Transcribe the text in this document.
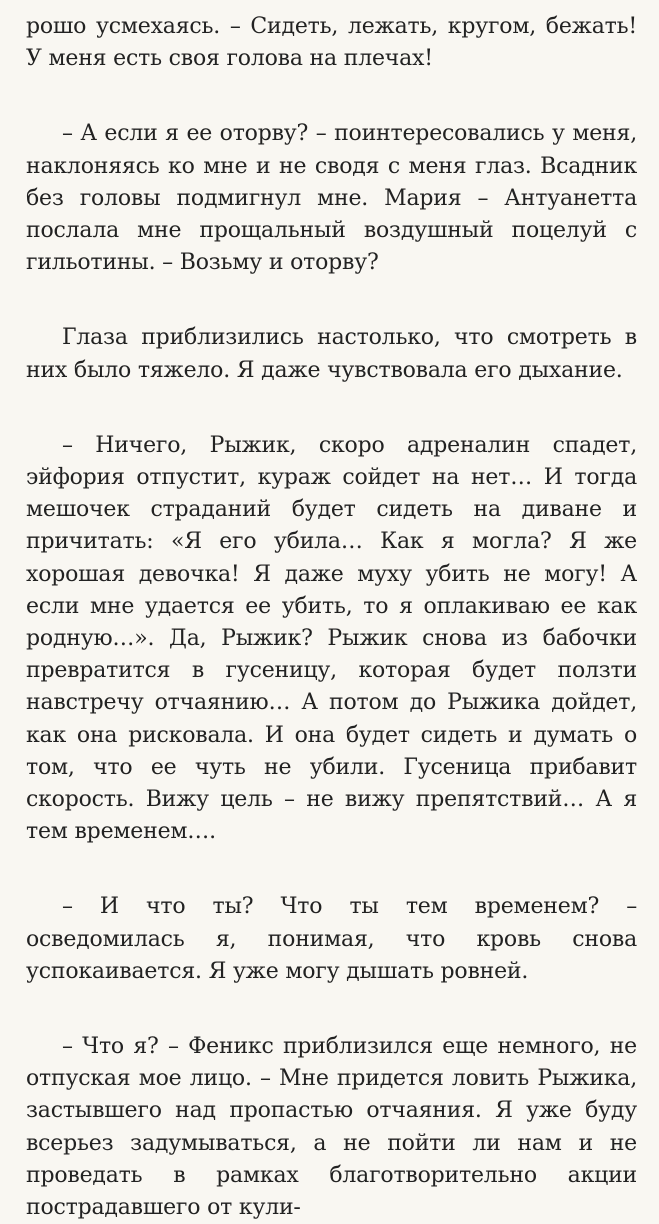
рошо усмехаясь. – Сидеть, лежать, кругом, бежать! У меня есть своя голова на плечах!

– А если я ее оторву? – поинтересовались у меня, наклоняясь ко мне и не сводя с меня глаз. Всадник без головы подмигнул мне. Мария – Антуанетта послала мне прощальный воздушный поцелуй с гильотины. – Возьму и оторву?

Глаза приблизились настолько, что смотреть в них было тяжело. Я даже чувствовала его дыхание.

– Ничего, Рыжик, скоро адреналин спадет, эйфория отпустит, кураж сойдет на нет… И тогда мешочек страданий будет сидеть на диване и причитать: «Я его убила… Как я могла? Я же хорошая девочка! Я даже муху убить не могу! А если мне удается ее убить, то я оплакиваю ее как родную…». Да, Рыжик? Рыжик снова из бабочки превратится в гусеницу, которая будет ползти навстречу отчаянию… А потом до Рыжика дойдет, как она рисковала. И она будет сидеть и думать о том, что ее чуть не убили. Гусеница прибавит скорость. Вижу цель – не вижу препятствий… А я тем временем….

– И что ты? Что ты тем временем? – осведомилась я, понимая, что кровь снова успокаивается. Я уже могу дышать ровней.

– Что я? – Феникс приблизился еще немного, не отпуская мое лицо. – Мне придется ловить Рыжика, застывшего над пропастью отчаяния. Я уже буду всерьез задумываться, а не пойти ли нам и не проведать в рамках благотворительно акции пострадавшего от кули-
